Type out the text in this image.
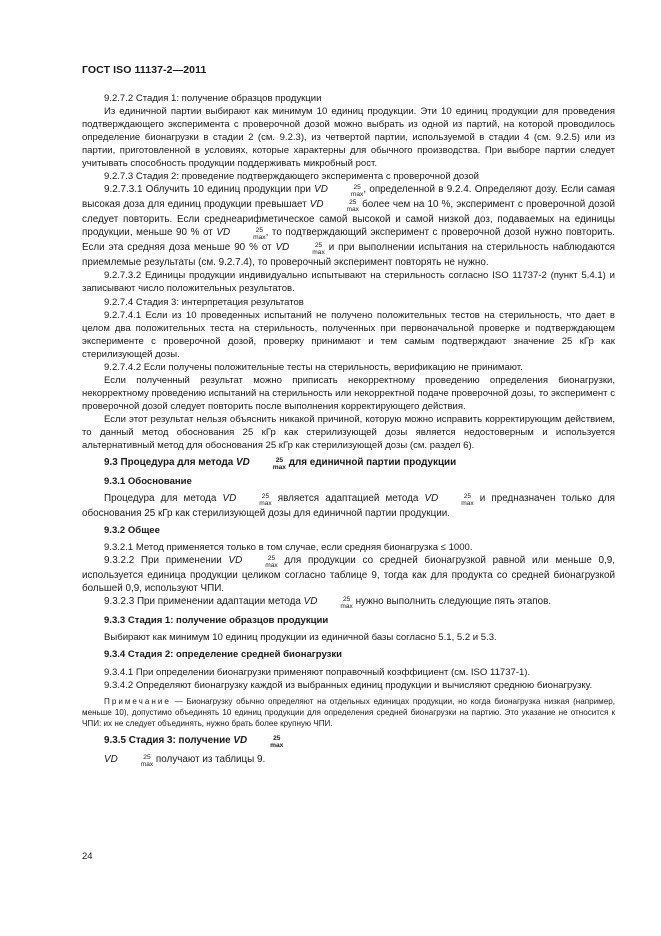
ГОСТ ISO 11137-2—2011

9.2.7.2 Стадия 1: получение образцов продукции

Из единичной партии выбирают как минимум 10 единиц продукции. Эти 10 единиц продукции для проведения подтверждающего эксперимента с проверочной дозой можно выбрать из одной из партий, на которой проводилось определение бионагрузки в стадии 2 (см. 9.2.3), из четвертой партии, используемой в стадии 4 (см. 9.2.5) или из партии, приготовленной в условиях, которые характерны для обычного производства. При выборе партии следует учитывать способность продукции поддерживать микробный рост.

9.2.7.3 Стадия 2: проведение подтверждающего эксперимента с проверочной дозой

9.2.7.3.1 Облучить 10 единиц продукции при VD	25
max , определенной в 9.2.4. Определяют дозу. Если самая высокая доза для единиц продукции превышает VD	25
max более чем на 10 %, эксперимент с проверочной дозой следует повторить. Если среднеарифметическое самой высокой и самой низкой доз, подаваемых на единицы продукции, меньше 90 % от VD	25
max , то подтверждающий эксперимент с проверочной дозой нужно повторить. Если эта средняя доза меньше 90 % от VD	25
max и при выполнении испытания на стерильность наблюдаются приемлемые результаты (см. 9.2.7.4), то проверочный эксперимент повторять не нужно.

9.2.7.3.2 Единицы продукции индивидуально испытывают на стерильность согласно ISO 11737-2 (пункт 5.4.1) и записывают число положительных результатов.

9.2.7.4 Стадия 3: интерпретация результатов

9.2.7.4.1 Если из 10 проведенных испытаний не получено положительных тестов на стерильность, что дает в целом два положительных теста на стерильность, полученных при первоначальной проверке и подтверждающем эксперименте с проверочной дозой, проверку принимают и тем самым подтверждают значение 25 кГр как стерилизующей дозы.

9.2.7.4.2 Если получены положительные тесты на стерильность, верификацию не принимают.

Если полученный результат можно приписать некорректному проведению определения бионагрузки, некорректному проведению испытаний на стерильность или некорректной подаче проверочной дозы, то эксперимент с проверочной дозой следует повторить после выполнения корректирующего действия.

Если этот результат нельзя объяснить никакой причиной, которую можно исправить корректирующим действием, то данный метод обоснования 25 кГр как стерилизующей дозы является недостоверным и используется альтернативный метод для обоснования 25 кГр как стерилизующей дозы (см. раздел 6).

9.3 Процедура для метода VD	25
max для единичной партии продукции

9.3.1 Обоснование

Процедура для метода VD	25
max является адаптацией метода VD	25
max и предназначен только для обоснования 25 кГр как стерилизующей дозы для единичной партии продукции.

9.3.2 Общее

9.3.2.1 Метод применяется только в том случае, если средняя бионагрузка ≤ 1000.

9.3.2.2 При применении VD	25
max для продукции со средней бионагрузкой равной или меньше 0,9, используется единица продукции целиком согласно таблице 9, тогда как для продукта со средней бионагрузкой большей 0,9, используют ЧПИ.

9.3.2.3 При применении адаптации метода VD	25
max нужно выполнить следующие пять этапов.

9.3.3 Стадия 1: получение образцов продукции

Выбирают как минимум 10 единиц продукции из единичной базы согласно 5.1, 5.2 и 5.3.

9.3.4 Стадия 2: определение средней бионагрузки

9.3.4.1 При определении бионагрузки применяют поправочный коэффициент (см. ISO 11737-1).

9.3.4.2 Определяют бионагрузку каждой из выбранных единиц продукции и вычисляют среднюю бионагрузку.

Примечание — Бионагрузку обычно определяют на отдельных единицах продукции, но когда бионагрузка низкая (например, меньше 10), допустимо объединять 10 единиц продукции для определения средней бионагрузки на партию. Это указание не относится к ЧПИ: их не следует объединять, нужно брать более крупную ЧПИ.

9.3.5 Стадия 3: получение VD	25
max

VD	25
max получают из таблицы 9.

24
